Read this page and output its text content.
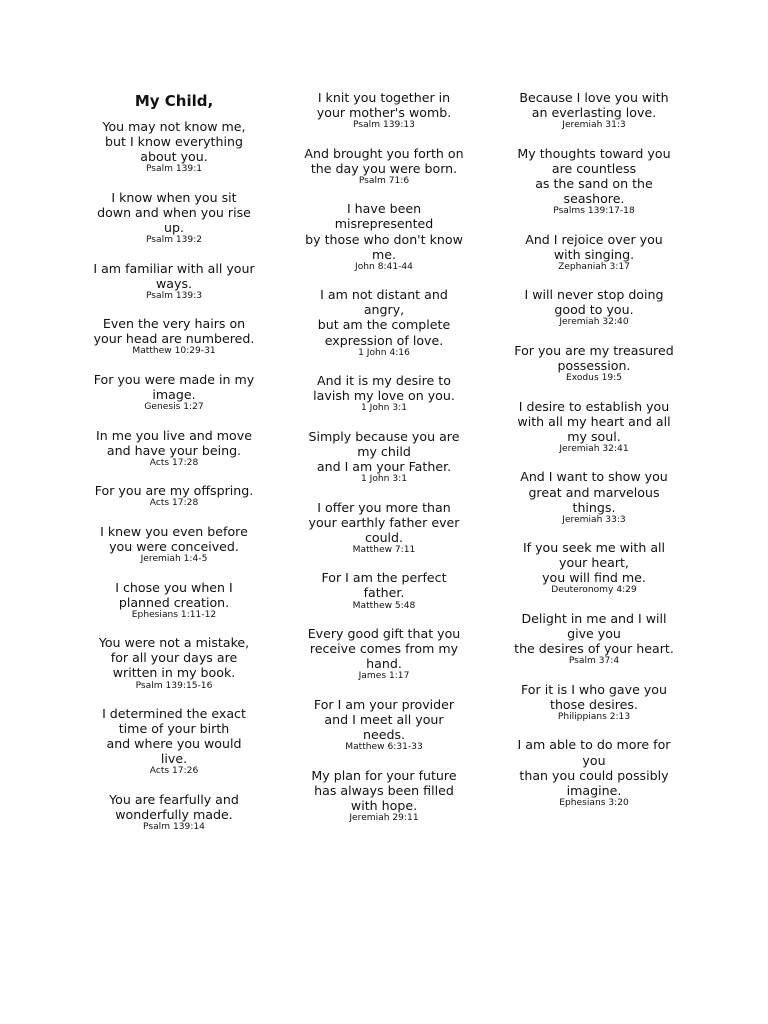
My Child,
You may not know me,
but I know everything
about you.
Psalm 139:1
I know when you sit
down and when you rise
up.
Psalm 139:2
I am familiar with all your
ways.
Psalm 139:3
Even the very hairs on
your head are numbered.
Matthew 10:29-31
For you were made in my
image.
Genesis 1:27
In me you live and move
and have your being.
Acts 17:28
For you are my offspring.
Acts 17:28
I knew you even before
you were conceived.
Jeremiah 1:4-5
I chose you when I
planned creation.
Ephesians 1:11-12
You were not a mistake,
for all your days are
written in my book.
Psalm 139:15-16
I determined the exact
time of your birth
and where you would
live.
Acts 17:26
You are fearfully and
wonderfully made.
Psalm 139:14
I knit you together in
your mother's womb.
Psalm 139:13
And brought you forth on
the day you were born.
Psalm 71:6
I have been
misrepresented
by those who don't know
me.
John 8:41-44
I am not distant and
angry,
but am the complete
expression of love.
1 John 4:16
And it is my desire to
lavish my love on you.
1 John 3:1
Simply because you are
my child
and I am your Father.
1 John 3:1
I offer you more than
your earthly father ever
could.
Matthew 7:11
For I am the perfect
father.
Matthew 5:48
Every good gift that you
receive comes from my
hand.
James 1:17
For I am your provider
and I meet all your
needs.
Matthew 6:31-33
My plan for your future
has always been filled
with hope.
Jeremiah 29:11
Because I love you with
an everlasting love.
Jeremiah 31:3
My thoughts toward you
are countless
as the sand on the
seashore.
Psalms 139:17-18
And I rejoice over you
with singing.
Zephaniah 3:17
I will never stop doing
good to you.
Jeremiah 32:40
For you are my treasured
possession.
Exodus 19:5
I desire to establish you
with all my heart and all
my soul.
Jeremiah 32:41
And I want to show you
great and marvelous
things.
Jeremiah 33:3
If you seek me with all
your heart,
you will find me.
Deuteronomy 4:29
Delight in me and I will
give you
the desires of your heart.
Psalm 37:4
For it is I who gave you
those desires.
Philippians 2:13
I am able to do more for
you
than you could possibly
imagine.
Ephesians 3:20
